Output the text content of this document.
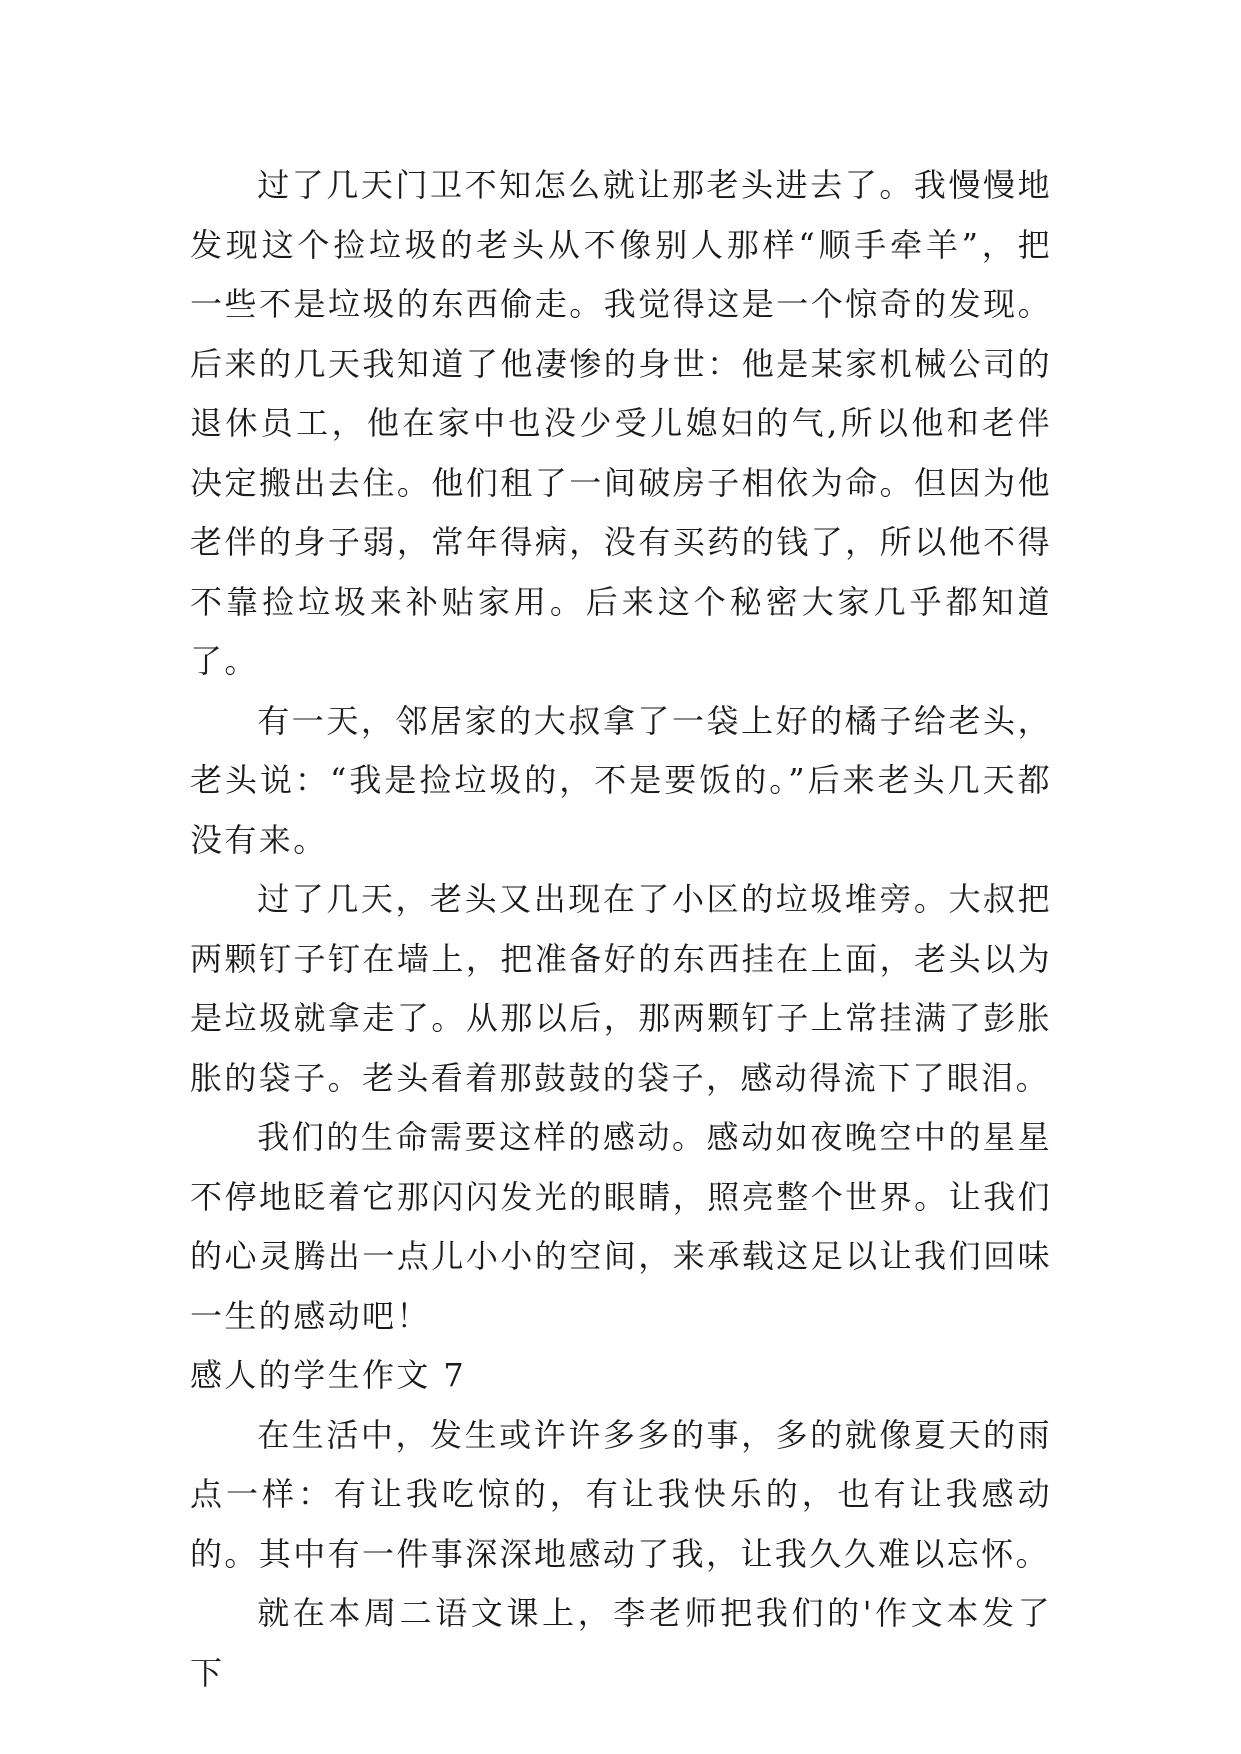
过了几天门卫不知怎么就让那老头进去了。我慢慢地发现这个捡垃圾的老头从不像别人那样“顺手牵羊”，把一些不是垃圾的东西偷走。我觉得这是一个惊奇的发现。后来的几天我知道了他凄惨的身世：他是某家机械公司的退休员工，他在家中也没少受儿媳妇的气,所以他和老伴决定搬出去住。他们租了一间破房子相依为命。但因为他老伴的身子弱，常年得病，没有买药的钱了，所以他不得不靠捡垃圾来补贴家用。后来这个秘密大家几乎都知道了。

有一天，邻居家的大叔拿了一袋上好的橘子给老头，老头说：“我是捡垃圾的，不是要饭的。”后来老头几天都没有来。

过了几天，老头又出现在了小区的垃圾堆旁。大叔把两颗钉子钉在墙上，把准备好的东西挂在上面，老头以为是垃圾就拿走了。从那以后，那两颗钉子上常挂满了彭胀胀的袋子。老头看着那鼓鼓的袋子，感动得流下了眼泪。

我们的生命需要这样的感动。感动如夜晚空中的星星不停地眨着它那闪闪发光的眼睛，照亮整个世界。让我们的心灵腾出一点儿小小的空间，来承载这足以让我们回味一生的感动吧！

感人的学生作文 7

在生活中，发生或许许多多的事，多的就像夏天的雨点一样：有让我吃惊的，有让我快乐的，也有让我感动的。其中有一件事深深地感动了我，让我久久难以忘怀。

就在本周二语文课上，李老师把我们的'作文本发了下
